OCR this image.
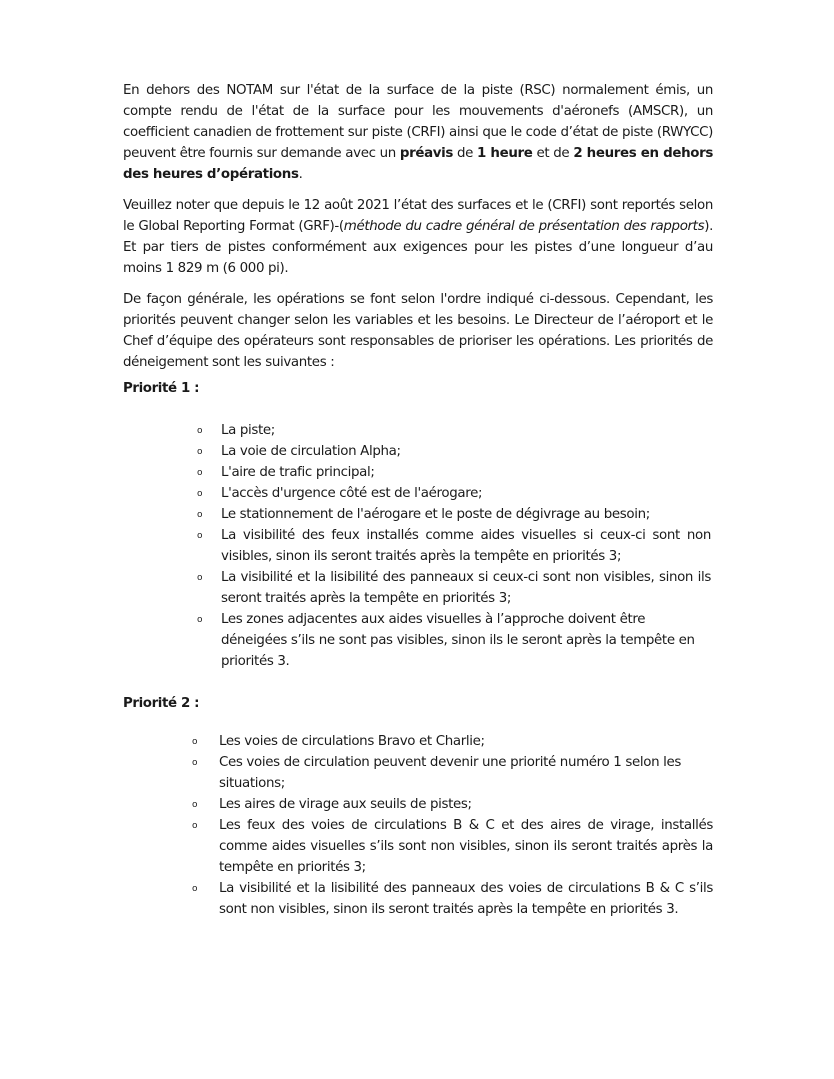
En dehors des NOTAM sur l'état de la surface de la piste (RSC) normalement émis, un compte rendu de l'état de la surface pour les mouvements d'aéronefs (AMSCR), un coefficient canadien de frottement sur piste (CRFI) ainsi que le code d’état de piste (RWYCC) peuvent être fournis sur demande avec un préavis de 1 heure et de 2 heures en dehors des heures d’opérations.

Veuillez noter que depuis le 12 août 2021 l’état des surfaces et le (CRFI) sont reportés selon le Global Reporting Format (GRF)-(méthode du cadre général de présentation des rapports). Et par tiers de pistes conformément aux exigences pour les pistes d’une longueur d’au moins 1 829 m (6 000 pi).

De façon générale, les opérations se font selon l'ordre indiqué ci-dessous. Cependant, les priorités peuvent changer selon les variables et les besoins. Le Directeur de l’aéroport et le Chef d’équipe des opérateurs sont responsables de prioriser les opérations. Les priorités de déneigement sont les suivantes :

Priorité 1 :

o La piste;
o La voie de circulation Alpha;
o L'aire de trafic principal;
o L'accès d'urgence côté est de l'aérogare;
o Le stationnement de l'aérogare et le poste de dégivrage au besoin;
o La visibilité des feux installés comme aides visuelles si ceux-ci sont non visibles, sinon ils seront traités après la tempête en priorités 3;
o La visibilité et la lisibilité des panneaux si ceux-ci sont non visibles, sinon ils seront traités après la tempête en priorités 3;
o Les zones adjacentes aux aides visuelles à l’approche doivent être déneigées s’ils ne sont pas visibles, sinon ils le seront après la tempête en priorités 3.

Priorité 2 :

o Les voies de circulations Bravo et Charlie;
o Ces voies de circulation peuvent devenir une priorité numéro 1 selon les situations;
o Les aires de virage aux seuils de pistes;
o Les feux des voies de circulations B & C et des aires de virage, installés comme aides visuelles s’ils sont non visibles, sinon ils seront traités après la tempête en priorités 3;
o La visibilité et la lisibilité des panneaux des voies de circulations B & C s’ils sont non visibles, sinon ils seront traités après la tempête en priorités 3.
